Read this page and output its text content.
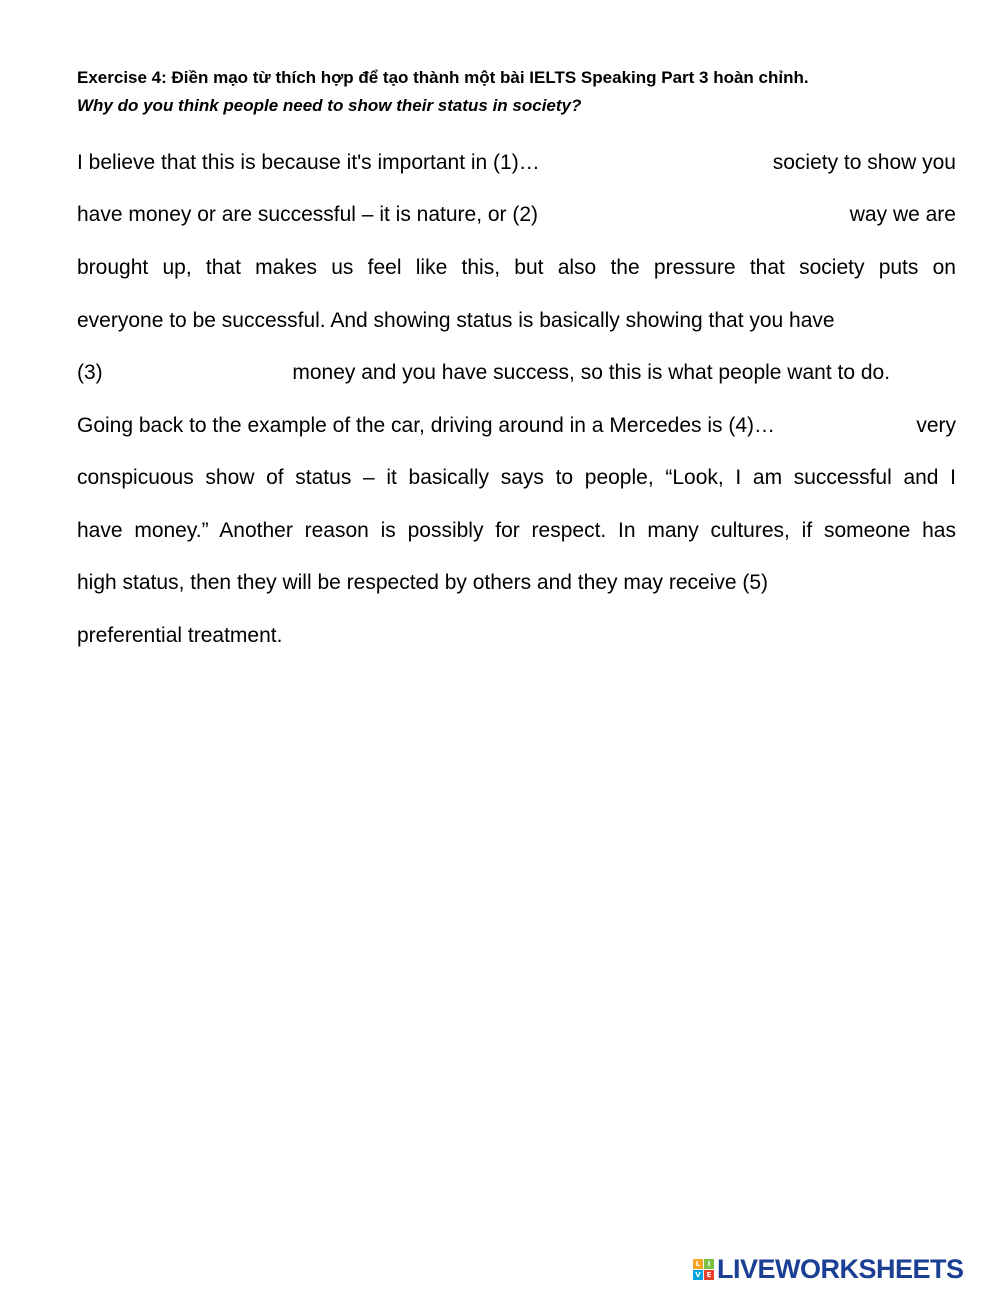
Exercise 4: Điền mạo từ thích hợp để tạo thành một bài IELTS Speaking Part 3 hoàn chỉnh.
Why do you think people need to show their status in society?
I believe that this is because it's important in (1)…	society to show you
have money or are successful – it is nature, or (2)	way we are
brought up, that makes us feel like this, but also the pressure that society puts on
everyone to be successful. And showing status is basically showing that you have
(3)	money and you have success, so this is what people want to do.
Going back to the example of the car, driving around in a Mercedes is (4)…	very
conspicuous show of status – it basically says to people, “Look, I am successful and I
have money.” Another reason is possibly for respect. In many cultures, if someone has
high status, then they will be respected by others and they may receive (5)
preferential treatment.
L	I
V E LIVEWORKSHEETS
